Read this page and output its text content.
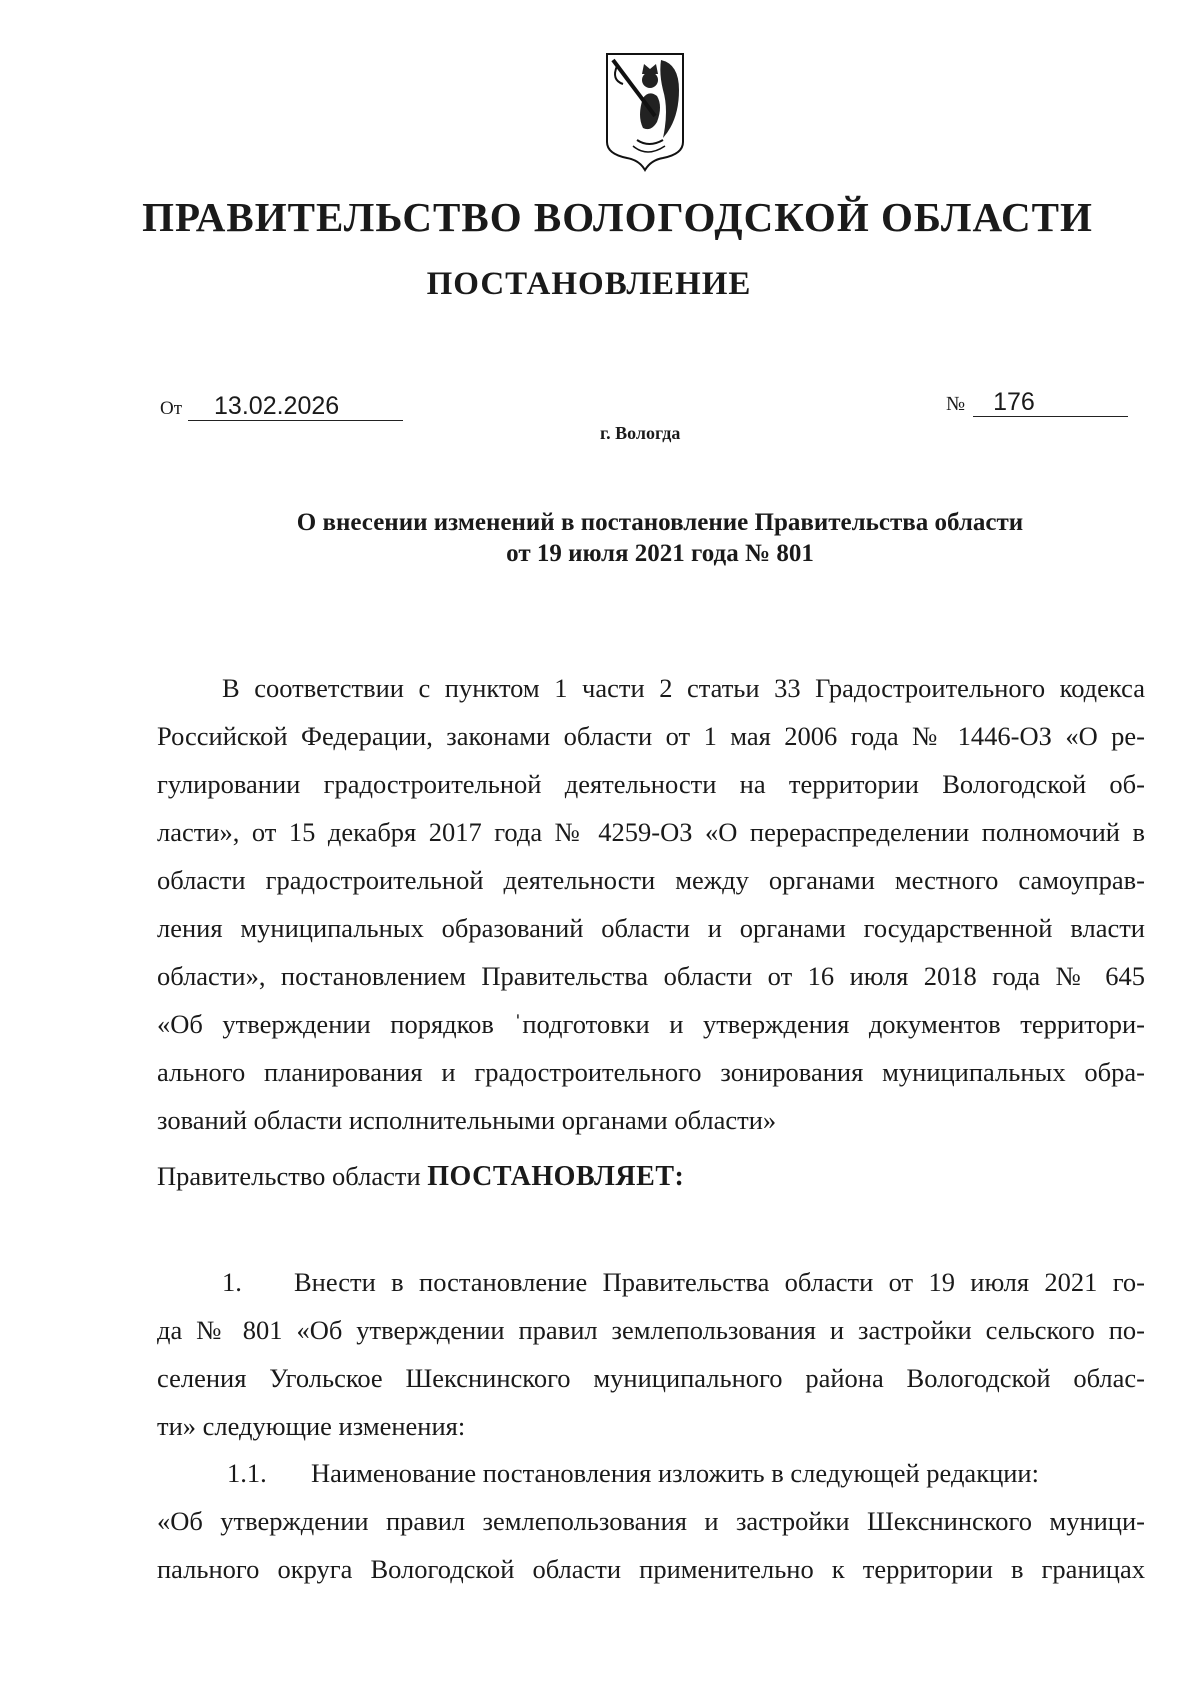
ПРАВИТЕЛЬСТВО ВОЛОГОДСКОЙ ОБЛАСТИ
ПОСТАНОВЛЕНИЕ
От 13.02.2026	№ 176
г. Вологда
О внесении изменений в постановление Правительства области
от 19 июля 2021 года № 801
В соответствии с пунктом 1 части 2 статьи 33 Градостроительного кодекса
Российской Федерации, законами области от 1 мая 2006 года № 1446-ОЗ «О ре-
гулировании градостроительной деятельности на территории Вологодской об-
ласти», от 15 декабря 2017 года № 4259-ОЗ «О перераспределении полномочий в
области градостроительной деятельности между органами местного самоуправ-
ления муниципальных образований области и органами государственной власти
области», постановлением Правительства области от 16 июля 2018 года № 645
«Об утверждении порядков ˈподготовки и утверждения документов территори-
ального планирования и градостроительного зонирования муниципальных обра-
зований области исполнительными органами области»
Правительство области ПОСТАНОВЛЯЕТ:
1. Внести в постановление Правительства области от 19 июля 2021 го-
да № 801 «Об утверждении правил землепользования и застройки сельского по-
селения Угольское Шекснинского муниципального района Вологодской облас-
ти» следующие изменения:
1.1. Наименование постановления изложить в следующей редакции:
«Об утверждении правил землепользования и застройки Шекснинского муници-
пального округа Вологодской области применительно к территории в границах
